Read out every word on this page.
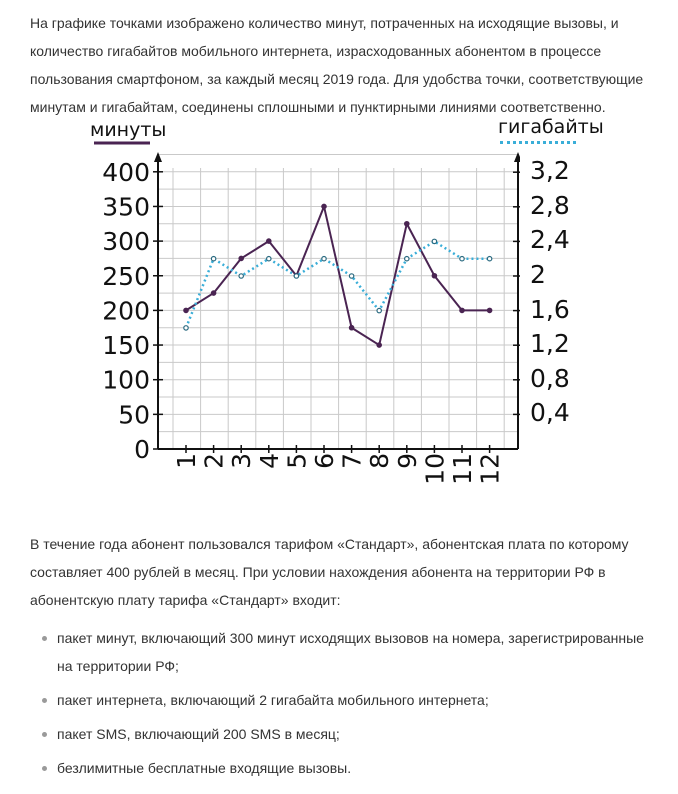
На графике точками изображено количество минут, потраченных на исходящие вызовы, и количество гигабайтов мобильного интернета, израсходованных абонентом в процессе пользования смартфоном, за каждый месяц 2019 года. Для удобства точки, соответствующие минутам и гигабайтам, соединены сплошными и пунктирными линиями соответственно.

0
50
100
150
200
250
300
350
400
1
2
3
4
5
6
7
8
9
10
11
12
минуты

В течение года абонент пользовался тарифом «Стандарт», абонентская плата по которому составляет 400 рублей в месяц. При условии нахождения абонента на территории РФ в абонентскую плату тарифа «Стандарт» входит:

пакет минут, включающий 300 минут исходящих вызовов на номера, зарегистрированные на территории РФ;
пакет интернета, включающий 2 гигабайта мобильного интернета;
пакет SMS, включающий 200 SMS в месяц;
безлимитные бесплатные входящие вызовы.
0,4
0,8
1,2
1,6
2
2,4
2,8
3,2
гигабайты
